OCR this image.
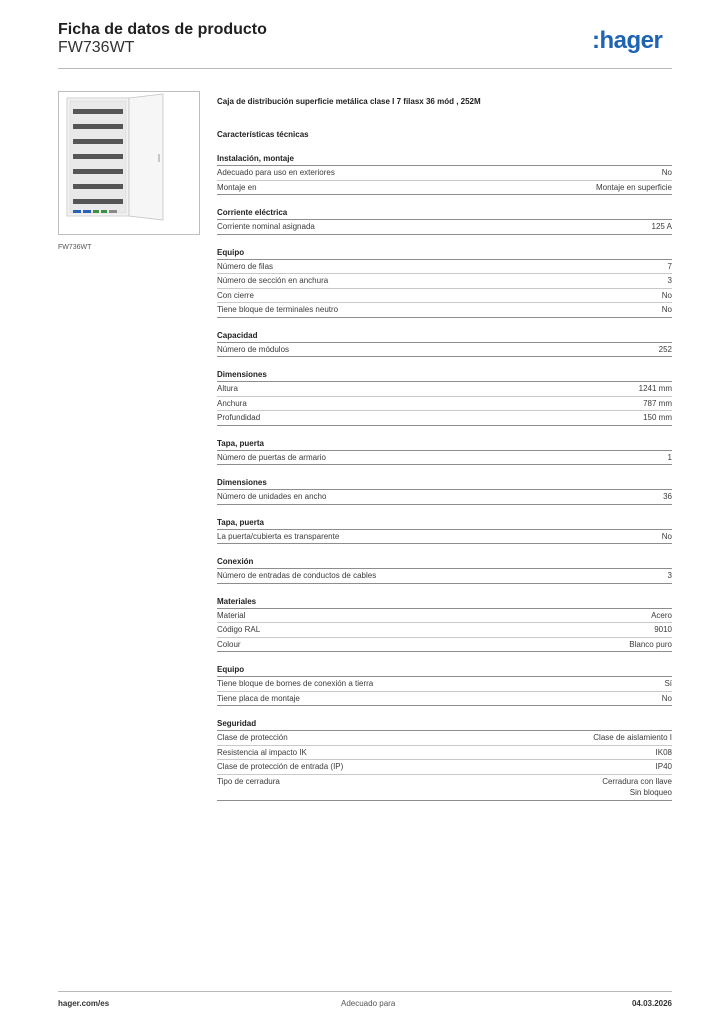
Ficha de datos de producto
FW736WT	:hager
FW736WT
Caja de distribución superficie metálica clase I 7 filasx 36 mód , 252M
Características técnicas
Instalación, montaje
Adecuado para uso en exteriores	No
Montaje en	Montaje en superficie
Corriente eléctrica
Corriente nominal asignada	125 A
Equipo
Número de filas	7
Número de sección en anchura	3
Con cierre	No
Tiene bloque de terminales neutro	No
Capacidad
Número de módulos	252
Dimensiones
Altura	1241 mm
Anchura	787 mm
Profundidad	150 mm
Tapa, puerta
Número de puertas de armario	1
Dimensiones
Número de unidades en ancho	36
Tapa, puerta
La puerta/cubierta es transparente	No
Conexión
Número de entradas de conductos de cables	3
Materiales
Material	Acero
Código RAL	9010
Colour	Blanco puro
Equipo
Tiene bloque de bornes de conexión a tierra	Sí
Tiene placa de montaje	No
Seguridad
Clase de protección	Clase de aislamiento I
Resistencia al impacto IK	IK08
Clase de protección de entrada (IP)	IP40
Tipo de cerradura	Cerradura con llave
Sin bloqueo
hager.com/es	Adecuado para	04.03.2026
